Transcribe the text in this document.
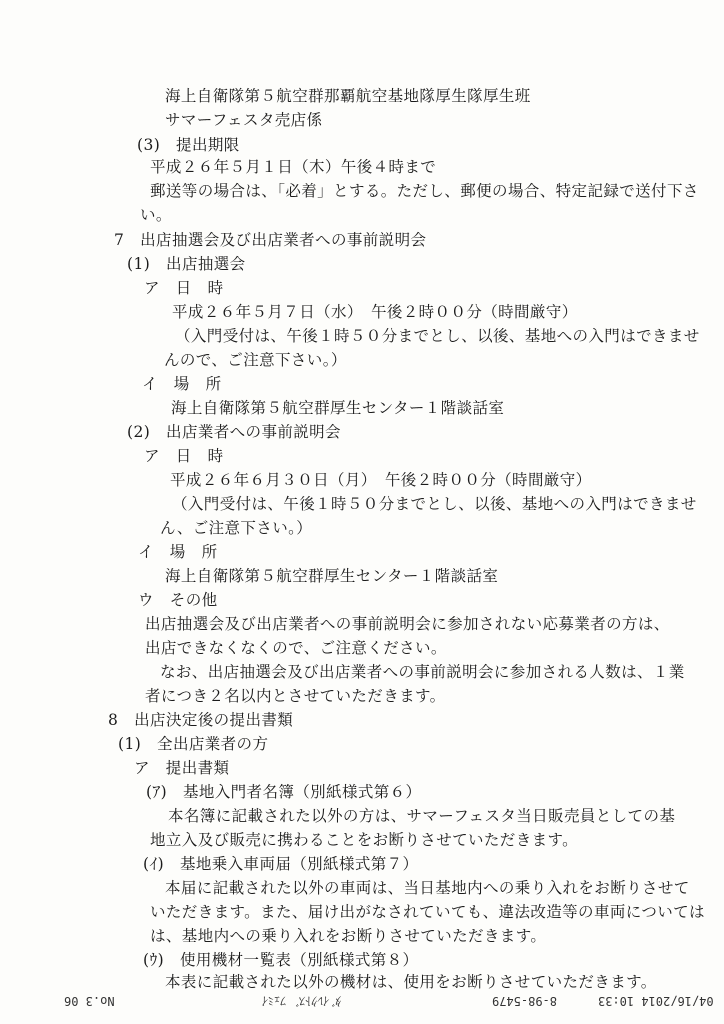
海上自衛隊第５航空群那覇航空基地隊厚生隊厚生班
サマーフェスタ売店係
(3)　提出期限
平成２６年５月１日（木）午後４時まで
郵送等の場合は、「必着」とする。ただし、郵便の場合、特定記録で送付下さ
い。
7　出店抽選会及び出店業者への事前説明会
(1)　出店抽選会
ア　日　時
平成２６年５月７日（水）　午後２時００分（時間厳守）
（入門受付は、午後１時５０分までとし、以後、基地への入門はできませ
んので、ご注意下さい。）
イ　場　所
海上自衛隊第５航空群厚生センター１階談話室
(2)　出店業者への事前説明会
ア　日　時
平成２６年６月３０日（月）　午後２時００分（時間厳守）
（入門受付は、午後１時５０分までとし、以後、基地への入門はできませ
ん、ご注意下さい。）
イ　場　所
海上自衛隊第５航空群厚生センター１階談話室
ウ　その他
出店抽選会及び出店業者への事前説明会に参加されない応募業者の方は、
出店できなくなくので、ご注意ください。
なお、出店抽選会及び出店業者への事前説明会に参加される人数は、１業
者につき２名以内とさせていただきます。
8　出店決定後の提出書類
(1)　全出店業者の方
ア　提出書類
(ｱ)　基地入門者名簿（別紙様式第６）
本名簿に記載された以外の方は、サマーフェスタ当日販売員としての基
地立入及び販売に携わることをお断りさせていただきます。
(ｲ)　基地乗入車両届（別紙様式第７）
本届に記載された以外の車両は、当日基地内への乗り入れをお断りさせて
いただきます。また、届け出がなされていても、違法改造等の車両については
は、基地内への乗り入れをお断りさせていただきます。
(ｳ)　使用機材一覧表（別紙様式第８）
本表に記載された以外の機材は、使用をお断りさせていただきます。
04/16/2014 10:33
8-98-5479
ﾀﾞｲﾚｸﾄｽﾞ ﾌｪﾐｲ
No.3 06
